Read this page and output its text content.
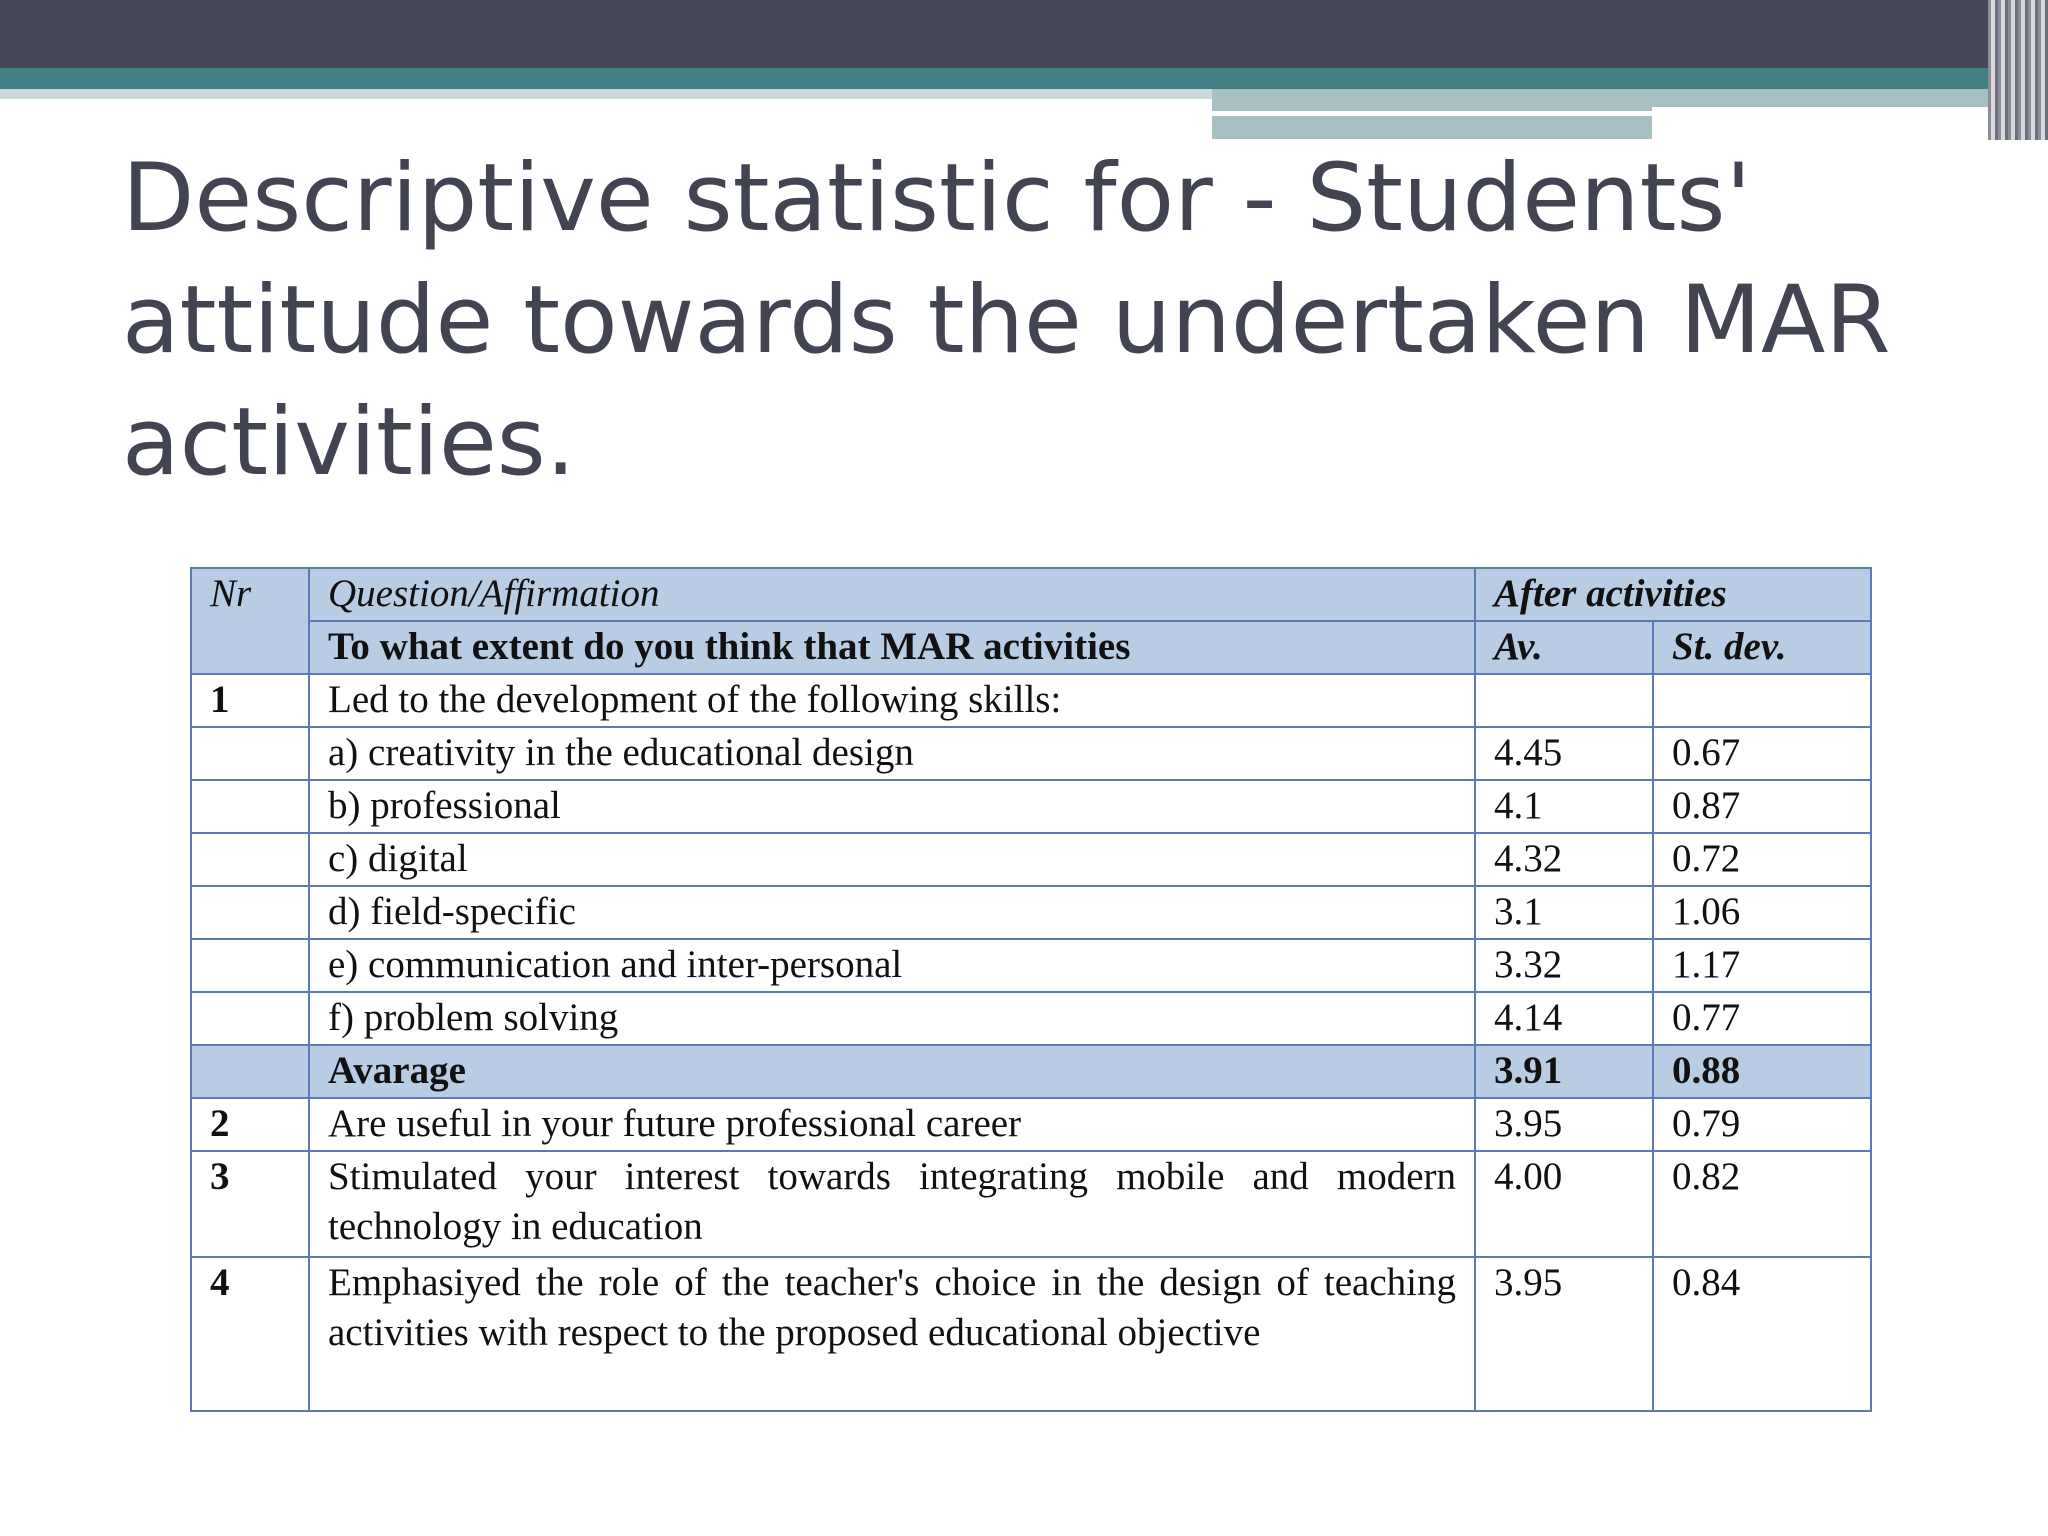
Descriptive statistic for - Students' attitude towards the undertaken MAR activities.
Nr	Question/Affirmation	After activities	
	To what extent do you think that MAR activities	Av.	St. dev.
1	Led to the development of the following skills:		
	a) creativity in the educational design	4.45	0.67
	b) professional	4.1	0.87
	c) digital	4.32	0.72
	d) field-specific	3.1	1.06
	e) communication and inter-personal	3.32	1.17
	f) problem solving	4.14	0.77
	Avarage	3.91	0.88
2	Are useful in your future professional career	3.95	0.79
3	Stimulated your interest towards integrating mobile and modern technology in education	4.00	0.82
4	Emphasiyed the role of the teacher's choice in the design of teaching activities with respect to the proposed educational objective	3.95	0.84
